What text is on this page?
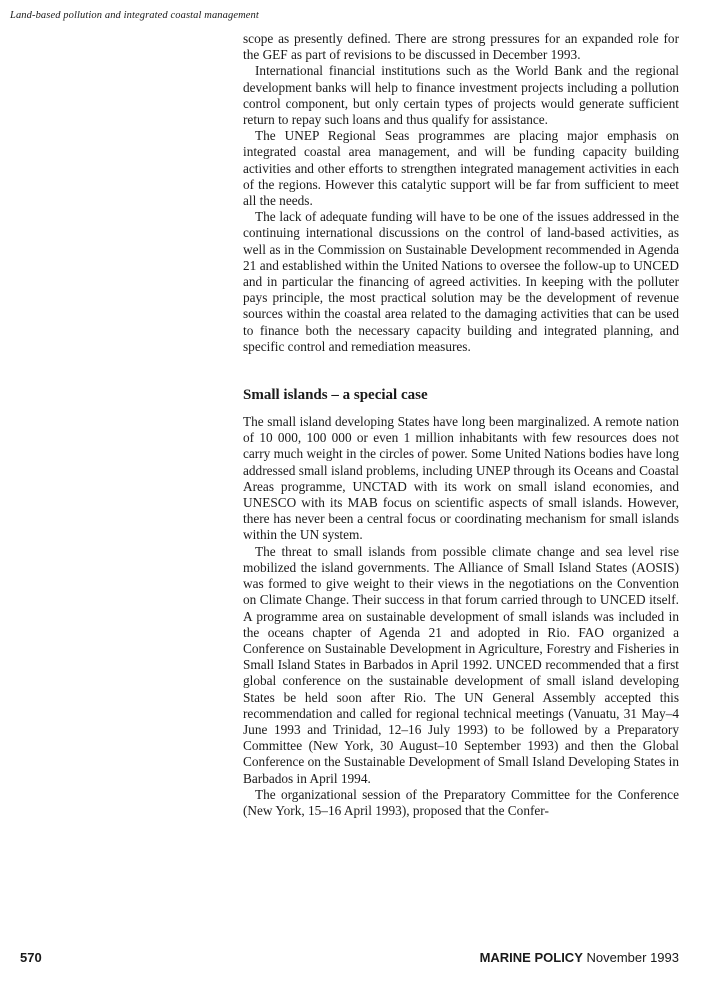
Land-based pollution and integrated coastal management

scope as presently defined. There are strong pressures for an expanded role for the GEF as part of revisions to be discussed in December 1993.

International financial institutions such as the World Bank and the regional development banks will help to finance investment projects including a pollution control component, but only certain types of projects would generate sufficient return to repay such loans and thus qualify for assistance.

The UNEP Regional Seas programmes are placing major emphasis on integrated coastal area management, and will be funding capacity building activities and other efforts to strengthen integrated management activities in each of the regions. However this catalytic support will be far from sufficient to meet all the needs.

The lack of adequate funding will have to be one of the issues addressed in the continuing international discussions on the control of land-based activities, as well as in the Commission on Sustainable Development recommended in Agenda 21 and established within the United Nations to oversee the follow-up to UNCED and in particular the financing of agreed activities. In keeping with the polluter pays principle, the most practical solution may be the development of revenue sources within the coastal area related to the damaging activities that can be used to finance both the necessary capacity building and integrated planning, and specific control and remediation measures.

Small islands – a special case

The small island developing States have long been marginalized. A remote nation of 10 000, 100 000 or even 1 million inhabitants with few resources does not carry much weight in the circles of power. Some United Nations bodies have long addressed small island problems, including UNEP through its Oceans and Coastal Areas programme, UNCTAD with its work on small island economies, and UNESCO with its MAB focus on scientific aspects of small islands. However, there has never been a central focus or coordinating mechanism for small islands within the UN system.

The threat to small islands from possible climate change and sea level rise mobilized the island governments. The Alliance of Small Island States (AOSIS) was formed to give weight to their views in the negotiations on the Convention on Climate Change. Their success in that forum carried through to UNCED itself. A programme area on sustainable development of small islands was included in the oceans chapter of Agenda 21 and adopted in Rio. FAO organized a Conference on Sustainable Development in Agriculture, Forestry and Fisheries in Small Island States in Barbados in April 1992. UNCED recommended that a first global conference on the sustainable development of small island developing States be held soon after Rio. The UN General Assembly accepted this recommendation and called for regional technical meetings (Vanuatu, 31 May–4 June 1993 and Trinidad, 12–16 July 1993) to be followed by a Preparatory Committee (New York, 30 August–10 September 1993) and then the Global Conference on the Sustainable Development of Small Island Developing States in Barbados in April 1994.

The organizational session of the Preparatory Committee for the Conference (New York, 15–16 April 1993), proposed that the Confer-

570	MARINE POLICY November 1993
